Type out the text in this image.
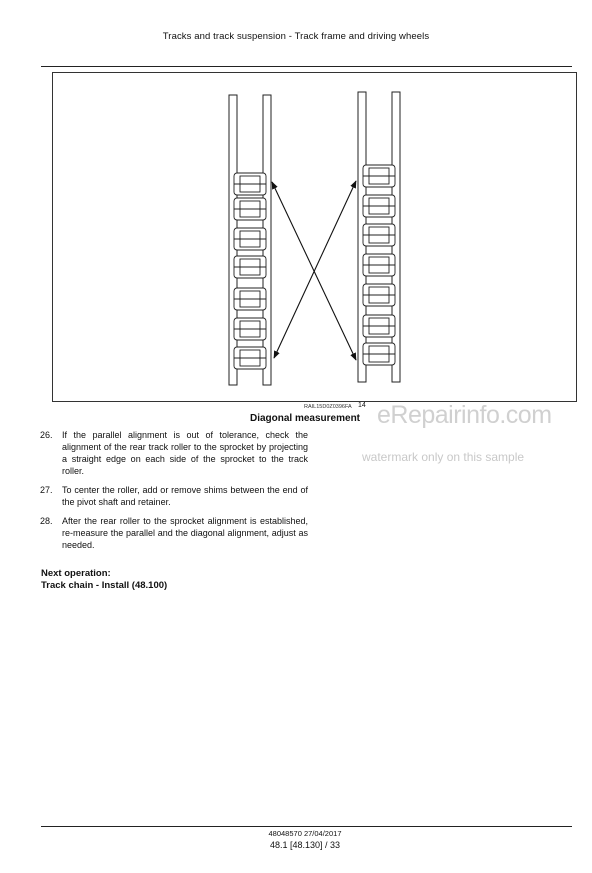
Tracks and track suspension - Track frame and driving wheels
RAIL15D0Z0396FA 14
Diagonal measurement eRepairinfo.com
watermark only on this sample
26. If the parallel alignment is out of tolerance, check the alignment of the rear track roller to the sprocket by projecting a straight edge on each side of the sprocket to the track roller.
27. To center the roller, add or remove shims between the end of the pivot shaft and retainer.
28. After the rear roller to the sprocket alignment is established, re-measure the parallel and the diagonal alignment, adjust as needed.
Next operation:
Track chain - Install (48.100)
48048570 27/04/2017
48.1 [48.130] / 33
